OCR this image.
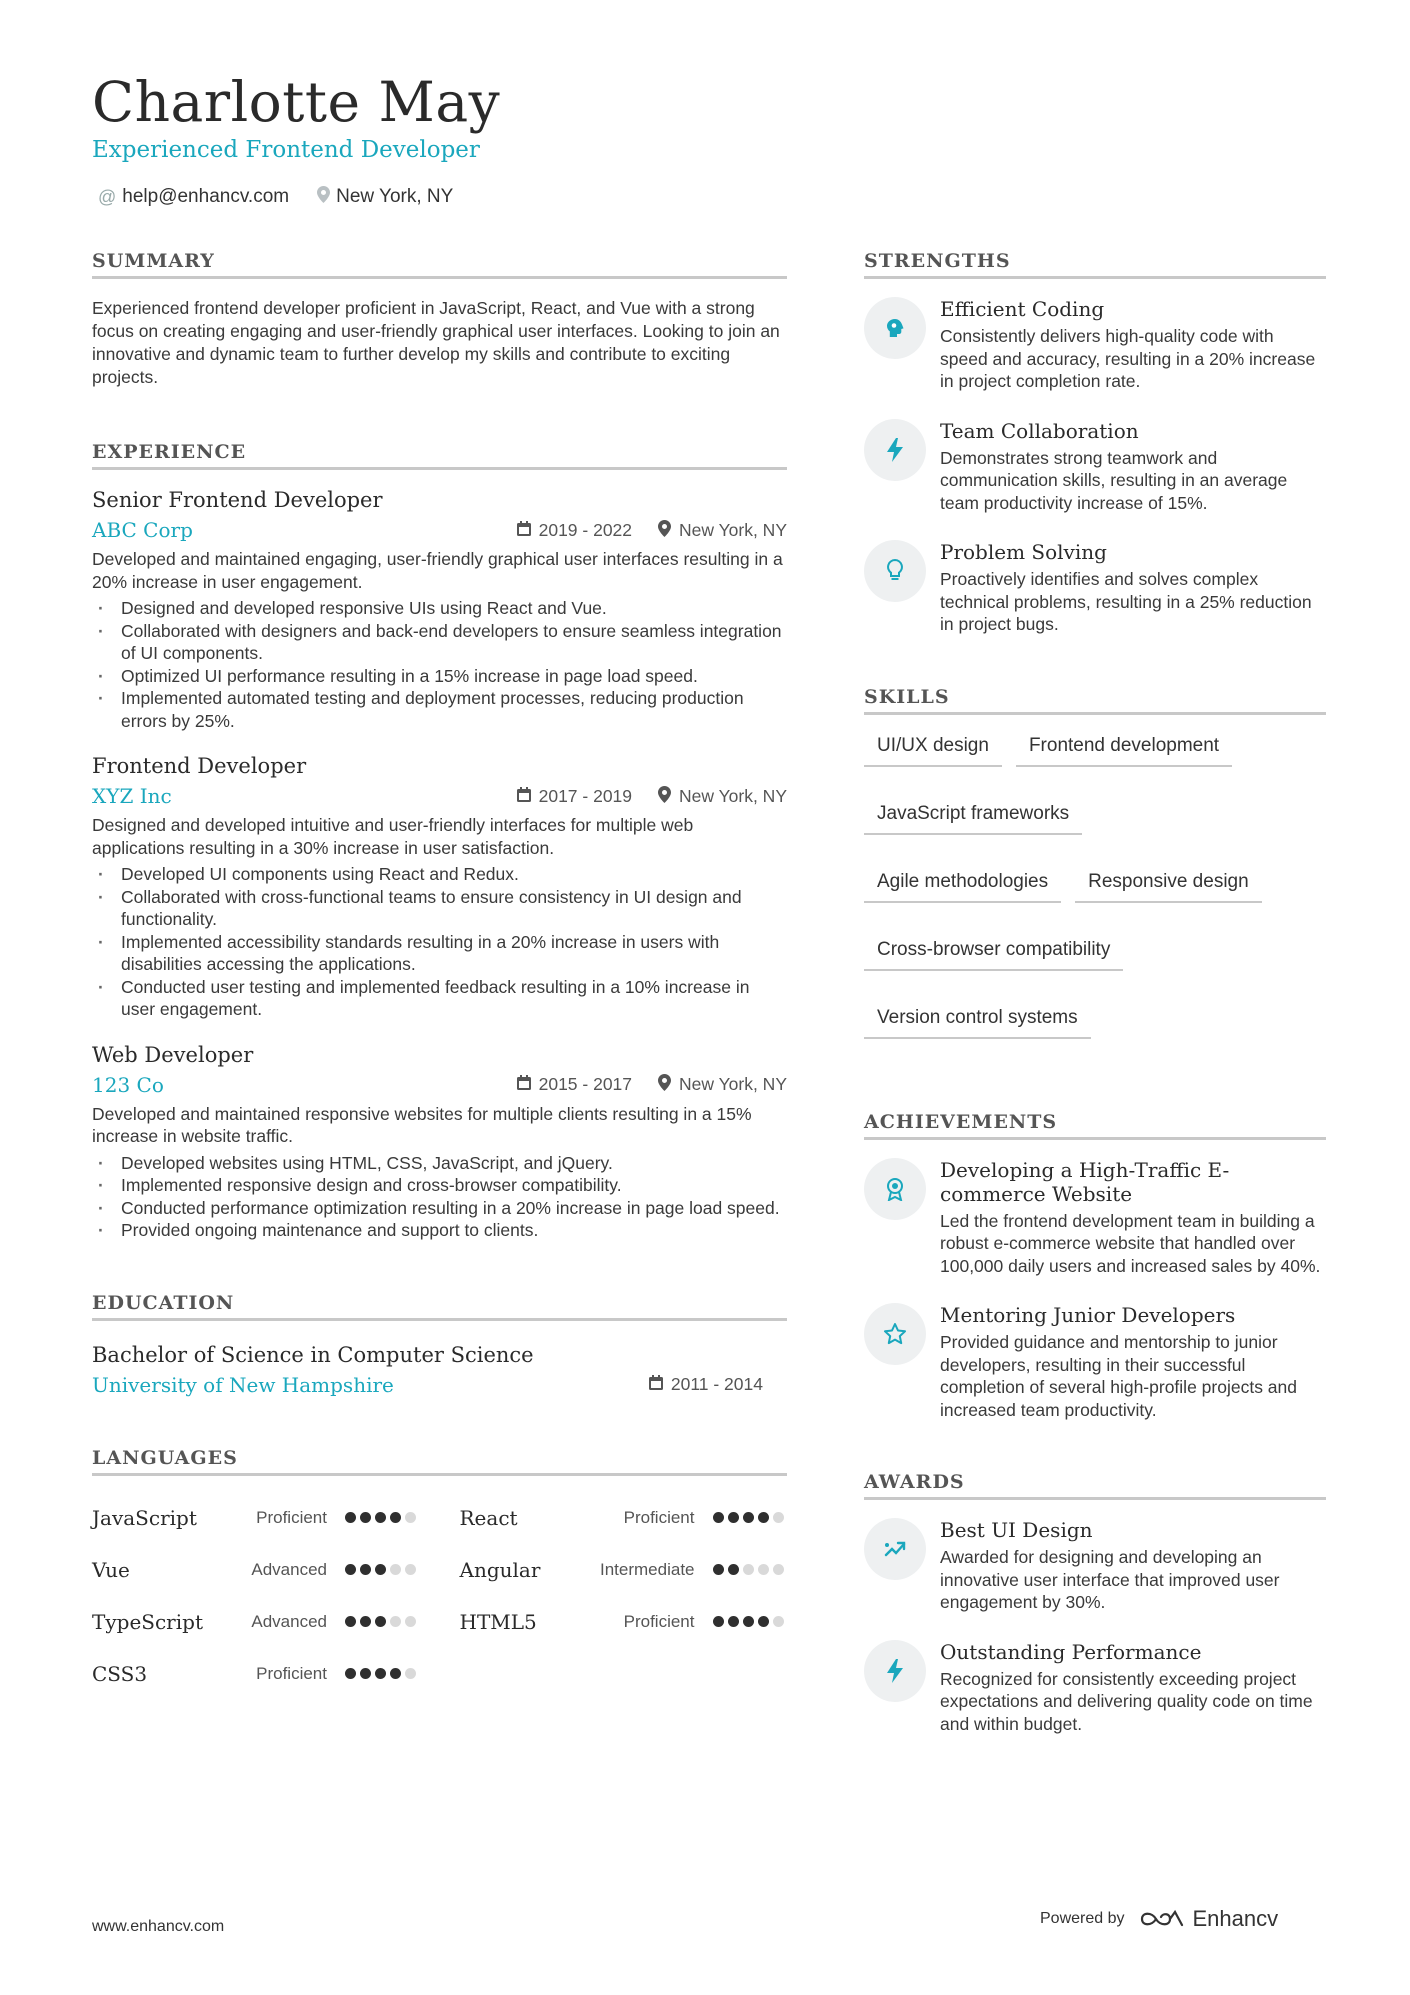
Charlotte May
Experienced Frontend Developer
@ help@enhancv.com New York, NY
SUMMARY
Experienced frontend developer proficient in JavaScript, React, and Vue with a strong focus on creating engaging and user-friendly graphical user interfaces. Looking to join an innovative and dynamic team to further develop my skills and contribute to exciting projects.
EXPERIENCE
Senior Frontend Developer
ABC Corp	2019 - 2022	New York, NY
Developed and maintained engaging, user-friendly graphical user interfaces resulting in a 20% increase in user engagement.
· Designed and developed responsive UIs using React and Vue.
· Collaborated with designers and back-end developers to ensure seamless integration of UI components.
· Optimized UI performance resulting in a 15% increase in page load speed.
· Implemented automated testing and deployment processes, reducing production errors by 25%.
Frontend Developer
XYZ Inc	2017 - 2019	New York, NY
Designed and developed intuitive and user-friendly interfaces for multiple web applications resulting in a 30% increase in user satisfaction.
· Developed UI components using React and Redux.
· Collaborated with cross-functional teams to ensure consistency in UI design and functionality.
· Implemented accessibility standards resulting in a 20% increase in users with disabilities accessing the applications.
· Conducted user testing and implemented feedback resulting in a 10% increase in user engagement.
Web Developer
123 Co	2015 - 2017	New York, NY
Developed and maintained responsive websites for multiple clients resulting in a 15% increase in website traffic.
· Developed websites using HTML, CSS, JavaScript, and jQuery.
· Implemented responsive design and cross-browser compatibility.
· Conducted performance optimization resulting in a 20% increase in page load speed.
· Provided ongoing maintenance and support to clients.
EDUCATION
Bachelor of Science in Computer Science
University of New Hampshire	2011 - 2014
LANGUAGES
JavaScript	Proficient	React	Proficient
Vue	Advanced	Angular	Intermediate
TypeScript	Advanced	HTML5	Proficient
CSS3	Proficient
STRENGTHS
Efficient Coding
Consistently delivers high-quality code with speed and accuracy, resulting in a 20% increase in project completion rate.
Team Collaboration
Demonstrates strong teamwork and communication skills, resulting in an average team productivity increase of 15%.
Problem Solving
Proactively identifies and solves complex technical problems, resulting in a 25% reduction in project bugs.
SKILLS
UI/UX design	Frontend development
JavaScript frameworks
Agile methodologies	Responsive design
Cross-browser compatibility
Version control systems
ACHIEVEMENTS
Developing a High-Traffic E-commerce Website
Led the frontend development team in building a robust e-commerce website that handled over 100,000 daily users and increased sales by 40%.
Mentoring Junior Developers
Provided guidance and mentorship to junior developers, resulting in their successful completion of several high-profile projects and increased team productivity.
AWARDS
Best UI Design
Awarded for designing and developing an innovative user interface that improved user engagement by 30%.
Outstanding Performance
Recognized for consistently exceeding project expectations and delivering quality code on time and within budget.
www.enhancv.com	Powered by	Enhancv
